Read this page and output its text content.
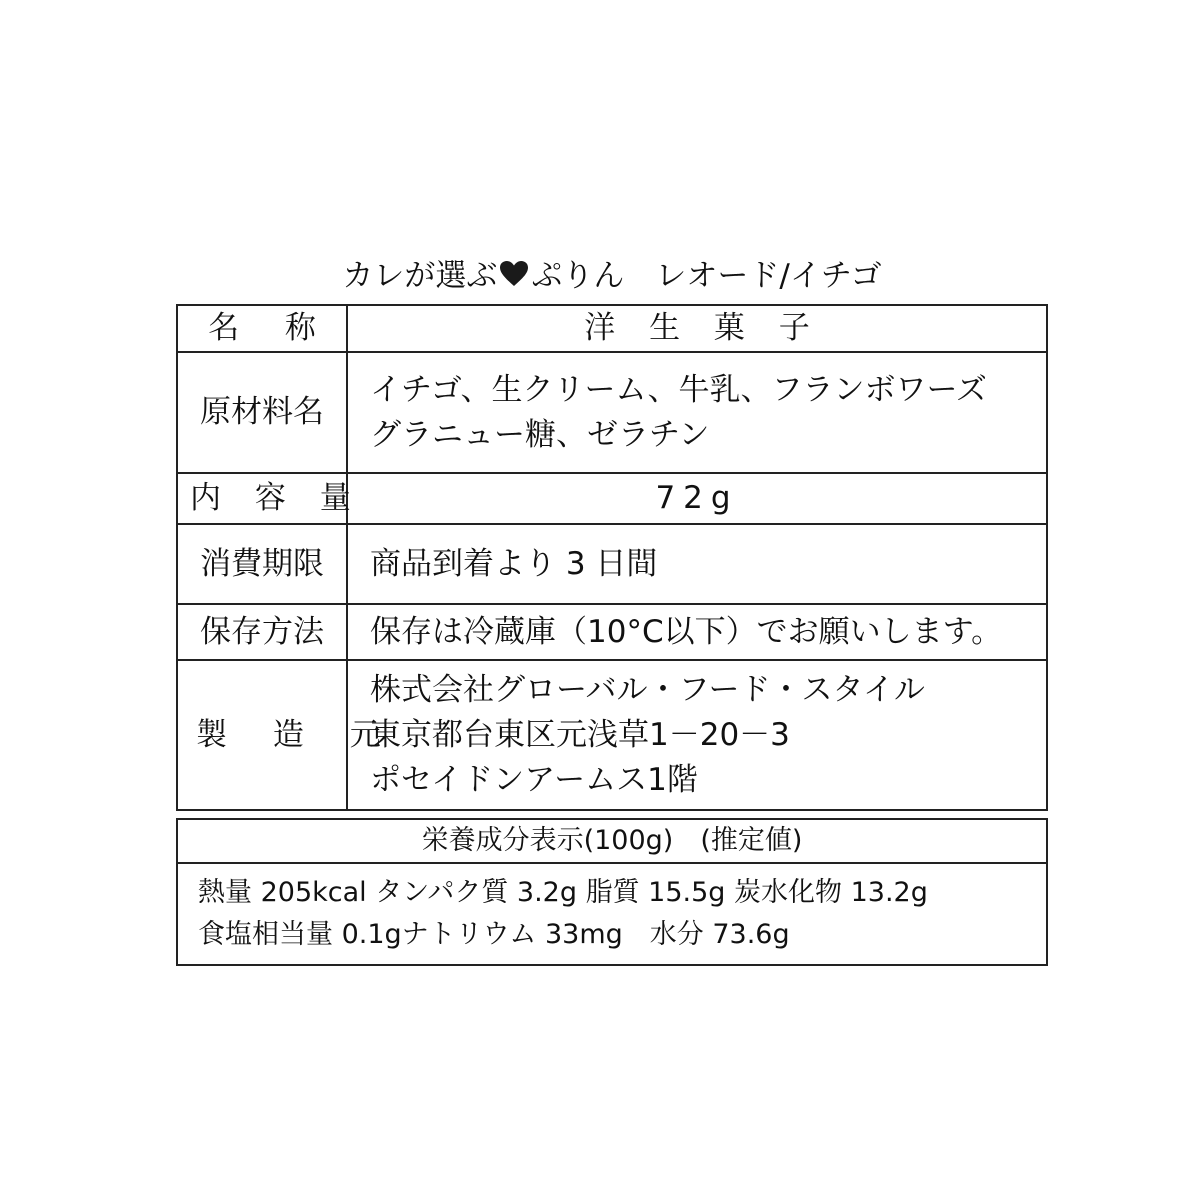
カレが選ぶ ぷりん　レオード/イチゴ
名 称	洋 生 菓 子
原材料名	イチゴ、生クリーム、牛乳、フランボワーズ
グラニュー糖、ゼラチン

内 容 量	72g
消費期限	商品到着より 3 日間
保存方法	保存は冷蔵庫（10°C以下）でお願いします。
製 造 元	株式会社グローバル・フード・スタイル
東京都台東区元浅草1－20－3
ポセイドンアームス1階
栄養成分表示(100g)　(推定値)
熱量 205kcal タンパク質 3.2g 脂質 15.5g 炭水化物 13.2g
食塩相当量 0.1gナトリウム 33mg　水分 73.6g
